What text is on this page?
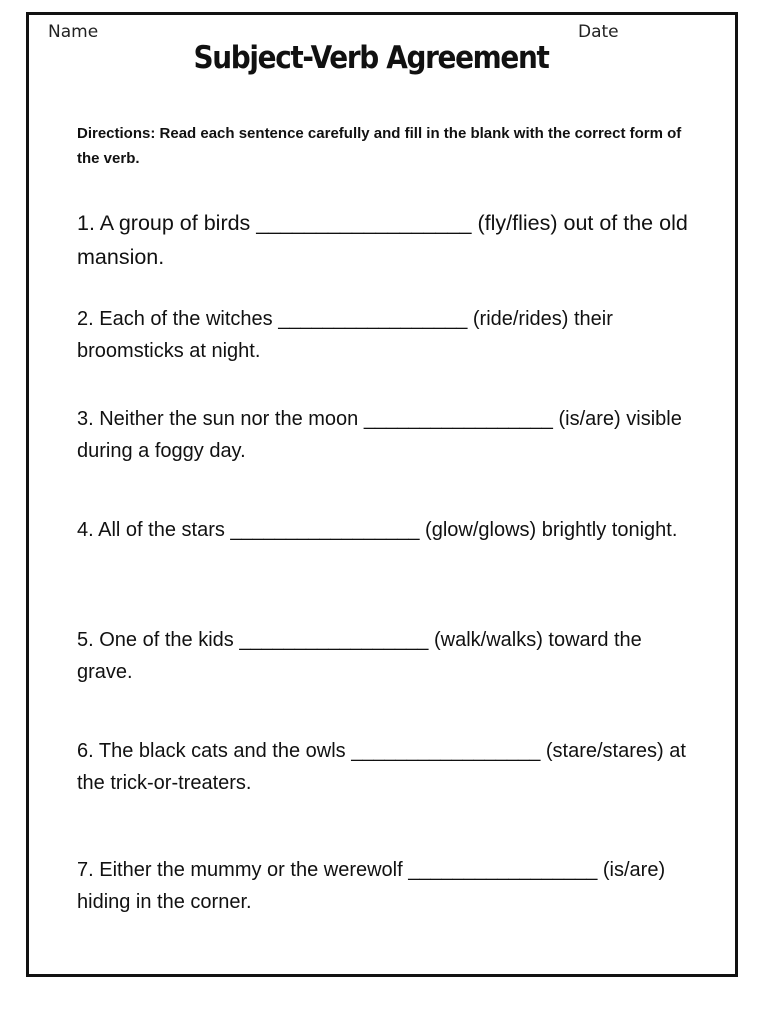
Name	Date
Subject-Verb Agreement
Directions: Read each sentence carefully and fill in the blank with the correct form of the verb.
1. A group of birds __________________ (fly/flies) out of the old mansion.
2. Each of the witches _________________ (ride/rides) their broomsticks at night.
3. Neither the sun nor the moon _________________ (is/are) visible during a foggy day.
4. All of the stars _________________ (glow/glows) brightly tonight.
5. One of the kids _________________ (walk/walks) toward the grave.
6. The black cats and the owls _________________ (stare/stares) at the trick-or-treaters.
7. Either the mummy or the werewolf _________________ (is/are) hiding in the corner.
